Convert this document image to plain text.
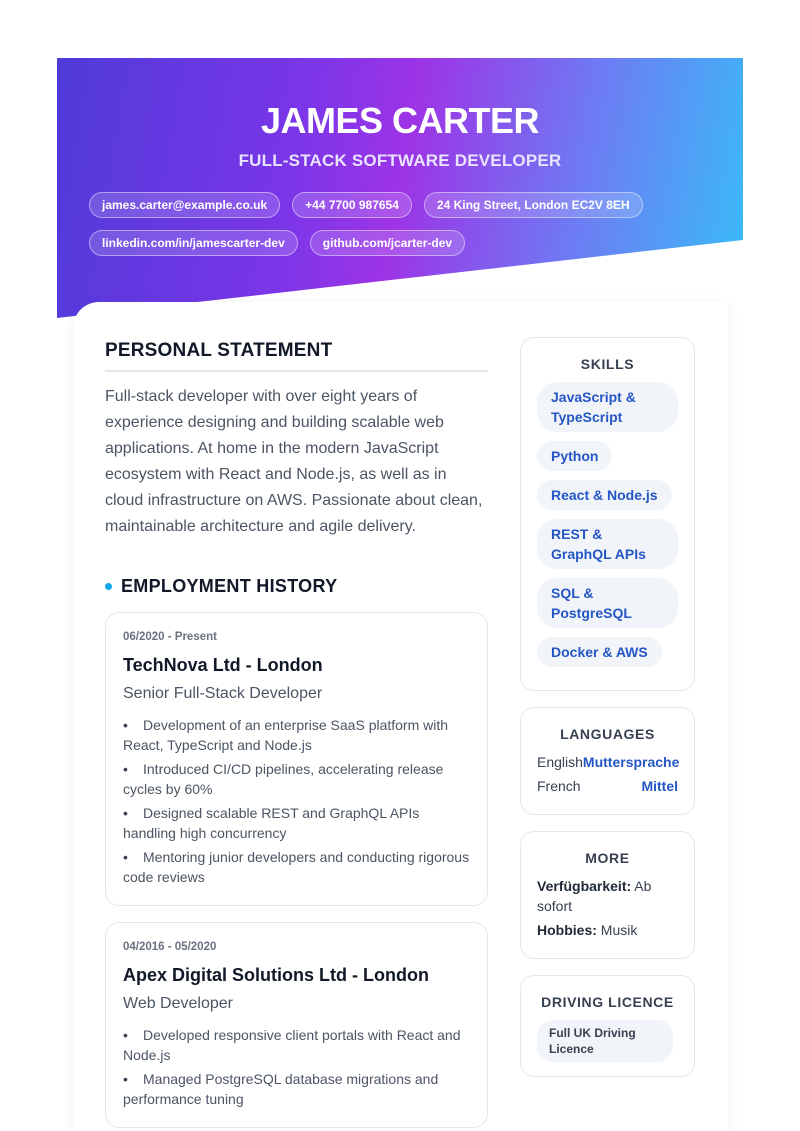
JAMES CARTER
FULL-STACK SOFTWARE DEVELOPER
james.carter@example.co.uk	+44 7700 987654	24 King Street, London EC2V 8EH
linkedin.com/in/jamescarter-dev	github.com/jcarter-dev
PERSONAL STATEMENT

Full-stack developer with over eight years of experience designing and building scalable web applications. At home in the modern JavaScript ecosystem with React and Node.js, as well as in cloud infrastructure on AWS. Passionate about clean, maintainable architecture and agile delivery.

EMPLOYMENT HISTORY
06/2020 - Present
TechNova Ltd - London
Senior Full-Stack Developer
• Development of an enterprise SaaS platform with React, TypeScript and Node.js
• Introduced CI/CD pipelines, accelerating release cycles by 60%
• Designed scalable REST and GraphQL APIs handling high concurrency
• Mentoring junior developers and conducting rigorous code reviews
04/2016 - 05/2020
Apex Digital Solutions Ltd - London
Web Developer
• Developed responsive client portals with React and Node.js
• Managed PostgreSQL database migrations and performance tuning
SKILLS
JavaScript & TypeScript Python React & Node.js REST & GraphQL APIs SQL & PostgreSQL Docker & AWS
LANGUAGES
English Muttersprache
French	Mittel
MORE
Verfügbarkeit: Ab sofort
Hobbies: Musik
DRIVING LICENCE
Full UK Driving Licence
